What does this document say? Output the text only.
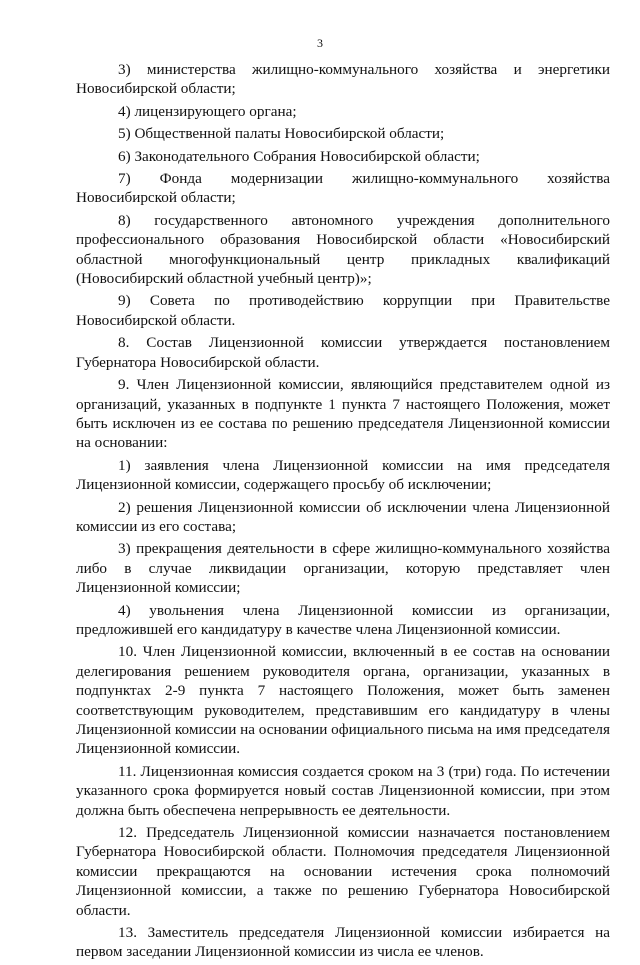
3

3) министерства жилищно-коммунального хозяйства и энергетики Новосибирской области;

4) лицензирующего органа;

5) Общественной палаты Новосибирской области;

6) Законодательного Собрания Новосибирской области;

7) Фонда модернизации жилищно-коммунального хозяйства Новосибирской области;

8) государственного автономного учреждения дополнительного профессионального образования Новосибирской области «Новосибирский областной многофункциональный центр прикладных квалификаций (Новосибирский областной учебный центр)»;

9) Совета по противодействию коррупции при Правительстве Новосибирской области.

8. Состав Лицензионной комиссии утверждается постановлением Губернатора Новосибирской области.

9. Член Лицензионной комиссии, являющийся представителем одной из организаций, указанных в подпункте 1 пункта 7 настоящего Положения, может быть исключен из ее состава по решению председателя Лицензионной комиссии на основании:

1) заявления члена Лицензионной комиссии на имя председателя Лицензионной комиссии, содержащего просьбу об исключении;

2) решения Лицензионной комиссии об исключении члена Лицензионной комиссии из его состава;

3) прекращения деятельности в сфере жилищно-коммунального хозяйства либо в случае ликвидации организации, которую представляет член Лицензионной комиссии;

4) увольнения члена Лицензионной комиссии из организации, предложившей его кандидатуру в качестве члена Лицензионной комиссии.

10. Член Лицензионной комиссии, включенный в ее состав на основании делегирования решением руководителя органа, организации, указанных в подпунктах 2-9 пункта 7 настоящего Положения, может быть заменен соответствующим руководителем, представившим его кандидатуру в члены Лицензионной комиссии на основании официального письма на имя председателя Лицензионной комиссии.

11. Лицензионная комиссия создается сроком на 3 (три) года. По истечении указанного срока формируется новый состав Лицензионной комиссии, при этом должна быть обеспечена непрерывность ее деятельности.

12. Председатель Лицензионной комиссии назначается постановлением Губернатора Новосибирской области. Полномочия председателя Лицензионной комиссии прекращаются на основании истечения срока полномочий Лицензионной комиссии, а также по решению Губернатора Новосибирской области.

13. Заместитель председателя Лицензионной комиссии избирается на первом заседании Лицензионной комиссии из числа ее членов.
